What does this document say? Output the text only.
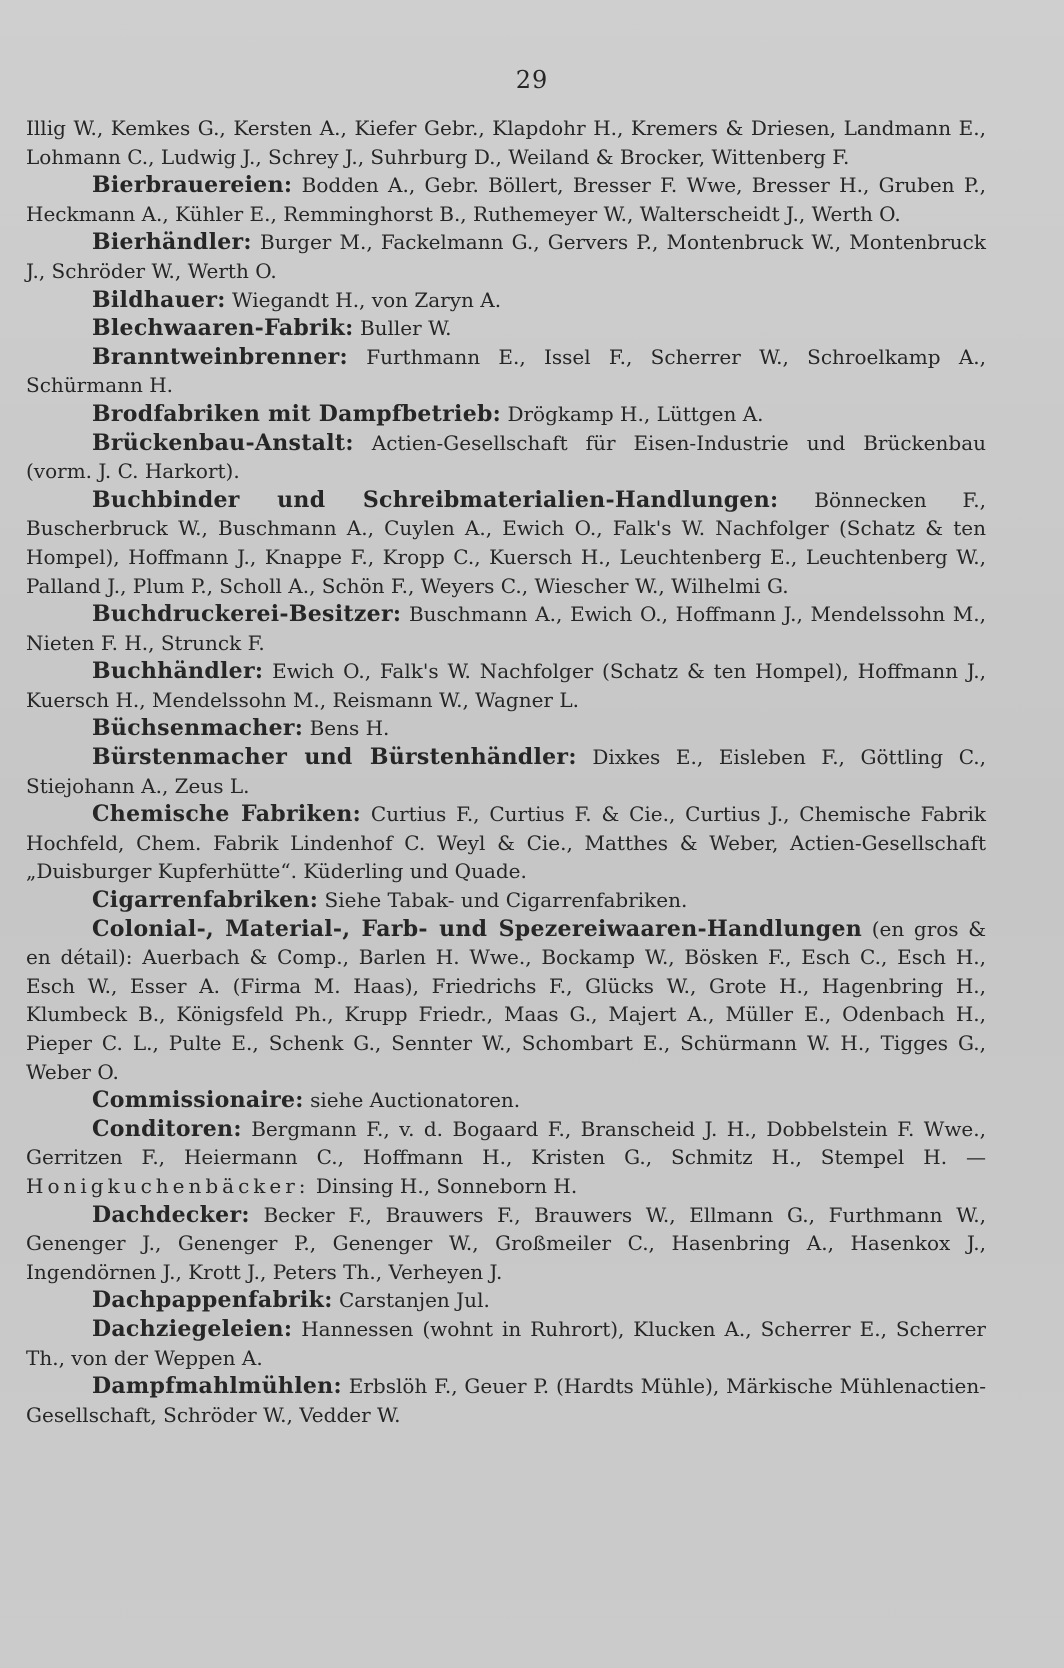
29

Illig W., Kemkes G., Kersten A., Kiefer Gebr., Klapdohr H., Kremers & Driesen, Landmann E., Lohmann C., Ludwig J., Schrey J., Suhrburg D., Weiland & Brocker, Wittenberg F.

Bierbrauereien: Bodden A., Gebr. Böllert, Bresser F. Wwe, Bresser H., Gruben P., Heckmann A., Kühler E., Remminghorst B., Ruthemeyer W., Walterscheidt J., Werth O.

Bierhändler: Burger M., Fackelmann G., Gervers P., Montenbruck W., Montenbruck J., Schröder W., Werth O.

Bildhauer: Wiegandt H., von Zaryn A.

Blechwaaren-Fabrik: Buller W.

Branntweinbrenner: Furthmann E., Issel F., Scherrer W., Schroelkamp A., Schürmann H.

Brodfabriken mit Dampfbetrieb: Drögkamp H., Lüttgen A.

Brückenbau-Anstalt: Actien-Gesellschaft für Eisen-Industrie und Brückenbau (vorm. J. C. Harkort).

Buchbinder und Schreibmaterialien-Handlungen: Bönnecken F., Buscherbruck W., Buschmann A., Cuylen A., Ewich O., Falk's W. Nachfolger (Schatz & ten Hompel), Hoffmann J., Knappe F., Kropp C., Kuersch H., Leuchtenberg E., Leuchtenberg W., Palland J., Plum P., Scholl A., Schön F., Weyers C., Wiescher W., Wilhelmi G.

Buchdruckerei-Besitzer: Buschmann A., Ewich O., Hoffmann J., Mendelssohn M., Nieten F. H., Strunck F.

Buchhändler: Ewich O., Falk's W. Nachfolger (Schatz & ten Hompel), Hoffmann J., Kuersch H., Mendelssohn M., Reismann W., Wagner L.

Büchsenmacher: Bens H.

Bürstenmacher und Bürstenhändler: Dixkes E., Eisleben F., Göttling C., Stiejohann A., Zeus L.

Chemische Fabriken: Curtius F., Curtius F. & Cie., Curtius J., Chemische Fabrik Hochfeld, Chem. Fabrik Lindenhof C. Weyl & Cie., Matthes & Weber, Actien-Gesellschaft „Duisburger Kupferhütte“. Küderling und Quade.

Cigarrenfabriken: Siehe Tabak- und Cigarrenfabriken.

Colonial-, Material-, Farb- und Spezereiwaaren-Handlungen (en gros & en détail): Auerbach & Comp., Barlen H. Wwe., Bockamp W., Bösken F., Esch C., Esch H., Esch W., Esser A. (Firma M. Haas), Friedrichs F., Glücks W., Grote H., Hagenbring H., Klumbeck B., Königsfeld Ph., Krupp Friedr., Maas G., Majert A., Müller E., Odenbach H., Pieper C. L., Pulte E., Schenk G., Sennter W., Schombart E., Schürmann W. H., Tigges G., Weber O.

Commissionaire: siehe Auctionatoren.

Conditoren: Bergmann F., v. d. Bogaard F., Branscheid J. H., Dobbelstein F. Wwe., Gerritzen F., Heiermann C., Hoffmann H., Kristen G., Schmitz H., Stempel H. — Honigkuchenbäcker: Dinsing H., Sonneborn H.

Dachdecker: Becker F., Brauwers F., Brauwers W., Ellmann G., Furthmann W., Genenger J., Genenger P., Genenger W., Großmeiler C., Hasenbring A., Hasenkox J., Ingendörnen J., Krott J., Peters Th., Verheyen J.

Dachpappenfabrik: Carstanjen Jul.

Dachziegeleien: Hannessen (wohnt in Ruhrort), Klucken A., Scherrer E., Scherrer Th., von der Weppen A.

Dampfmahlmühlen: Erbslöh F., Geuer P. (Hardts Mühle), Märkische Mühlenactien-Gesellschaft, Schröder W., Vedder W.
